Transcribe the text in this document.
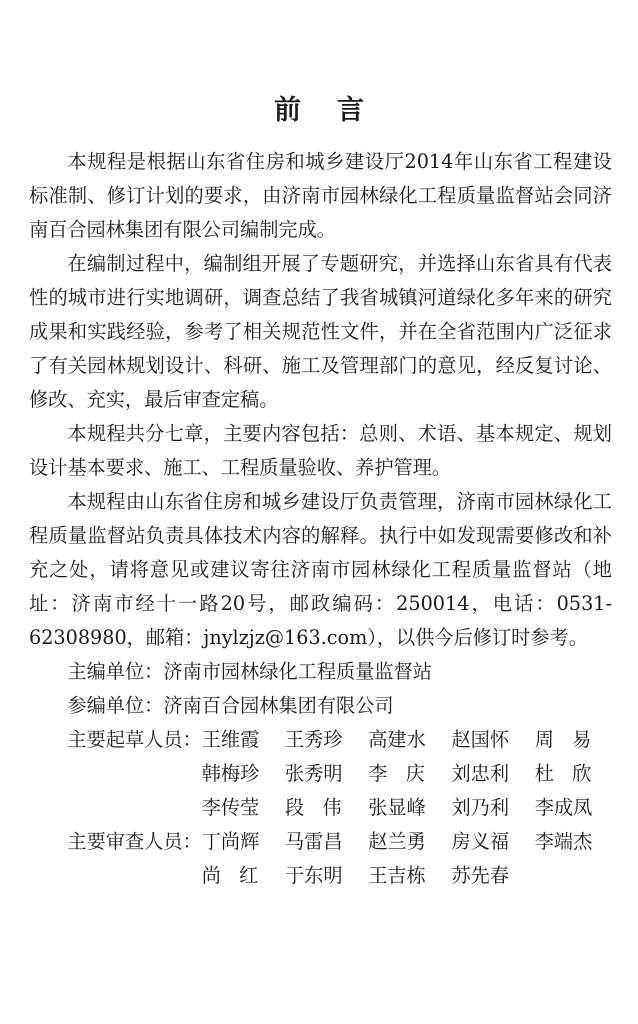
前言

本规程是根据山东省住房和城乡建设厅2014年山东省工程建设标准制、修订计划的要求，由济南市园林绿化工程质量监督站会同济南百合园林集团有限公司编制完成。

在编制过程中，编制组开展了专题研究，并选择山东省具有代表性的城市进行实地调研，调查总结了我省城镇河道绿化多年来的研究成果和实践经验，参考了相关规范性文件，并在全省范围内广泛征求了有关园林规划设计、科研、施工及管理部门的意见，经反复讨论、修改、充实，最后审查定稿。

本规程共分七章，主要内容包括：总则、术语、基本规定、规划设计基本要求、施工、工程质量验收、养护管理。

本规程由山东省住房和城乡建设厅负责管理，济南市园林绿化工程质量监督站负责具体技术内容的解释。执行中如发现需要修改和补充之处，请将意见或建议寄往济南市园林绿化工程质量监督站（地址：济南市经十一路20号，邮政编码：250014，电话：0531-62308980，邮箱：jnylzjz@163.com），以供今后修订时参考。

主编单位：济南市园林绿化工程质量监督站

参编单位：济南百合园林集团有限公司

主要起草人员： 王维霞	王秀珍	高建水	赵国怀	周易
韩梅珍	张秀明	李庆 刘忠利	杜欣
李传莹	段伟 张显峰	刘乃利	李成凤
主要审查人员： 丁尚辉	马雷昌	赵兰勇	房义福	李端杰
尚红 于东明	王吉栋	苏先春
